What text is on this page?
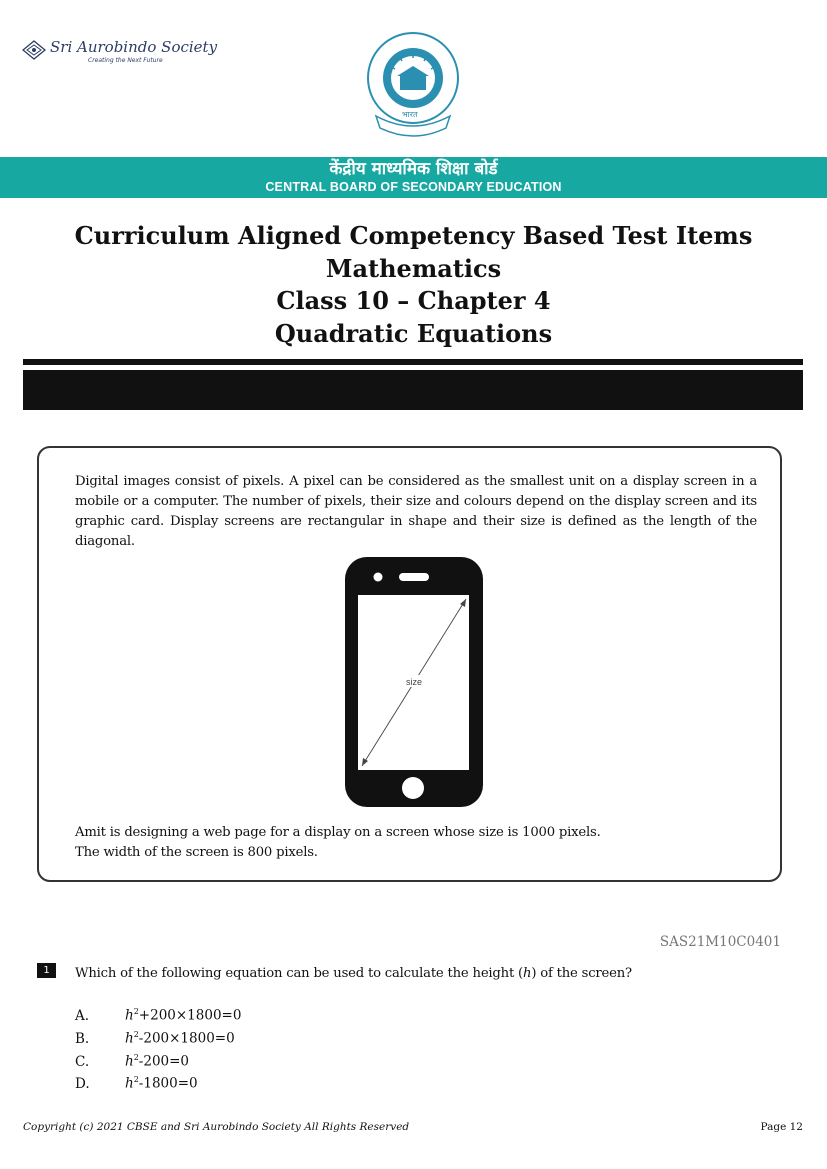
Sri Aurobindo Society
Creating the Next Future
भारत
केंद्रीय माध्यमिक शिक्षा बोर्ड
CENTRAL BOARD OF SECONDARY EDUCATION
Curriculum Aligned Competency Based Test Items
Mathematics
Class 10 – Chapter 4
Quadratic Equations
Digital images consist of pixels. A pixel can be considered as the smallest unit on a display screen in a mobile or a computer. The number of pixels, their size and colours depend on the display screen and its graphic card. Display screens are rectangular in shape and their size is defined as the length of the diagonal.
size
Amit is designing a web page for a display on a screen whose size is 1000 pixels.
The width of the screen is 800 pixels.
SAS21M10C0401
1	Which of the following equation can be used to calculate the height (h) of the screen?
A.	$h^2+200\times 1800=0$
B.	$h^2-200\times 1800=0$
C.	$h^2-200=0$
D.	$h^2-1800=0$
Copyright (c) 2021 CBSE and Sri Aurobindo Society All Rights Reserved	Page 12
